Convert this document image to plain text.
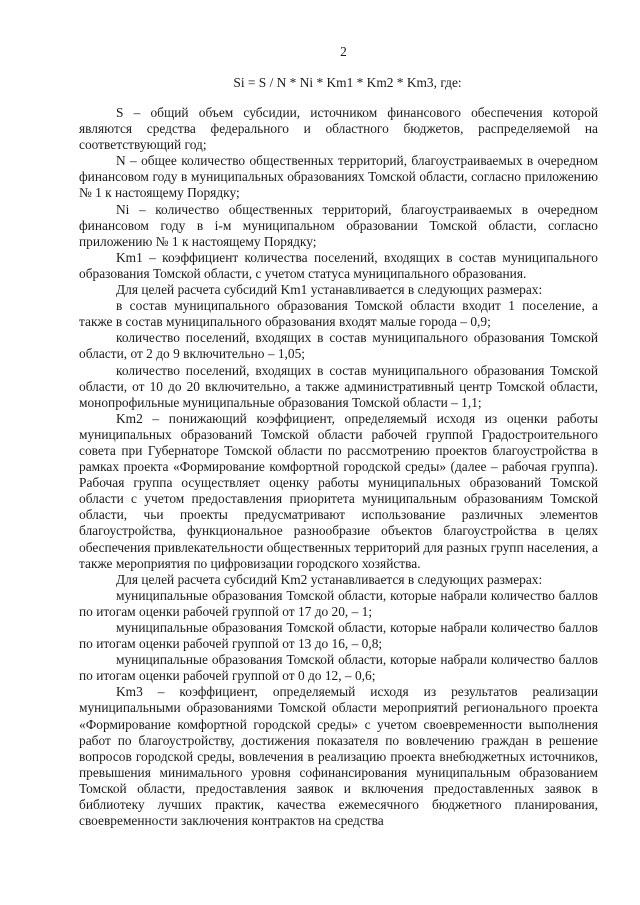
2
Si = S / N * Ni * Km1 * Km2 * Km3, где:

S – общий объем субсидии, источником финансового обеспечения которой являются средства федерального и областного бюджетов, распределяемой на соответствующий год;

N – общее количество общественных территорий, благоустраиваемых в очередном финансовом году в муниципальных образованиях Томской области, согласно приложению № 1 к настоящему Порядку;

Ni – количество общественных территорий, благоустраиваемых в очередном финансовом году в i-м муниципальном образовании Томской области, согласно приложению № 1 к настоящему Порядку;

Km1 – коэффициент количества поселений, входящих в состав муниципального образования Томской области, с учетом статуса муниципального образования.

Для целей расчета субсидий Km1 устанавливается в следующих размерах:

в состав муниципального образования Томской области входит 1 поселение, а также в состав муниципального образования входят малые города – 0,9;

количество поселений, входящих в состав муниципального образования Томской области, от 2 до 9 включительно – 1,05;

количество поселений, входящих в состав муниципального образования Томской области, от 10 до 20 включительно, а также административный центр Томской области, монопрофильные муниципальные образования Томской области – 1,1;

Km2 – понижающий коэффициент, определяемый исходя из оценки работы муниципальных образований Томской области рабочей группой Градостроительного совета при Губернаторе Томской области по рассмотрению проектов благоустройства в рамках проекта «Формирование комфортной городской среды» (далее – рабочая группа). Рабочая группа осуществляет оценку работы муниципальных образований Томской области с учетом предоставления приоритета муниципальным образованиям Томской области, чьи проекты предусматривают использование различных элементов благоустройства, функциональное разнообразие объектов благоустройства в целях обеспечения привлекательности общественных территорий для разных групп населения, а также мероприятия по цифровизации городского хозяйства.

Для целей расчета субсидий Km2 устанавливается в следующих размерах:

муниципальные образования Томской области, которые набрали количество баллов по итогам оценки рабочей группой от 17 до 20, – 1;

муниципальные образования Томской области, которые набрали количество баллов по итогам оценки рабочей группой от 13 до 16, – 0,8;

муниципальные образования Томской области, которые набрали количество баллов по итогам оценки рабочей группой от 0 до 12, – 0,6;

Km3 – коэффициент, определяемый исходя из результатов реализации муниципальными образованиями Томской области мероприятий регионального проекта «Формирование комфортной городской среды» с учетом своевременности выполнения работ по благоустройству, достижения показателя по вовлечению граждан в решение вопросов городской среды, вовлечения в реализацию проекта внебюджетных источников, превышения минимального уровня софинансирования муниципальным образованием Томской области, предоставления заявок и включения предоставленных заявок в библиотеку лучших практик, качества ежемесячного бюджетного планирования, своевременности заключения контрактов на средства
